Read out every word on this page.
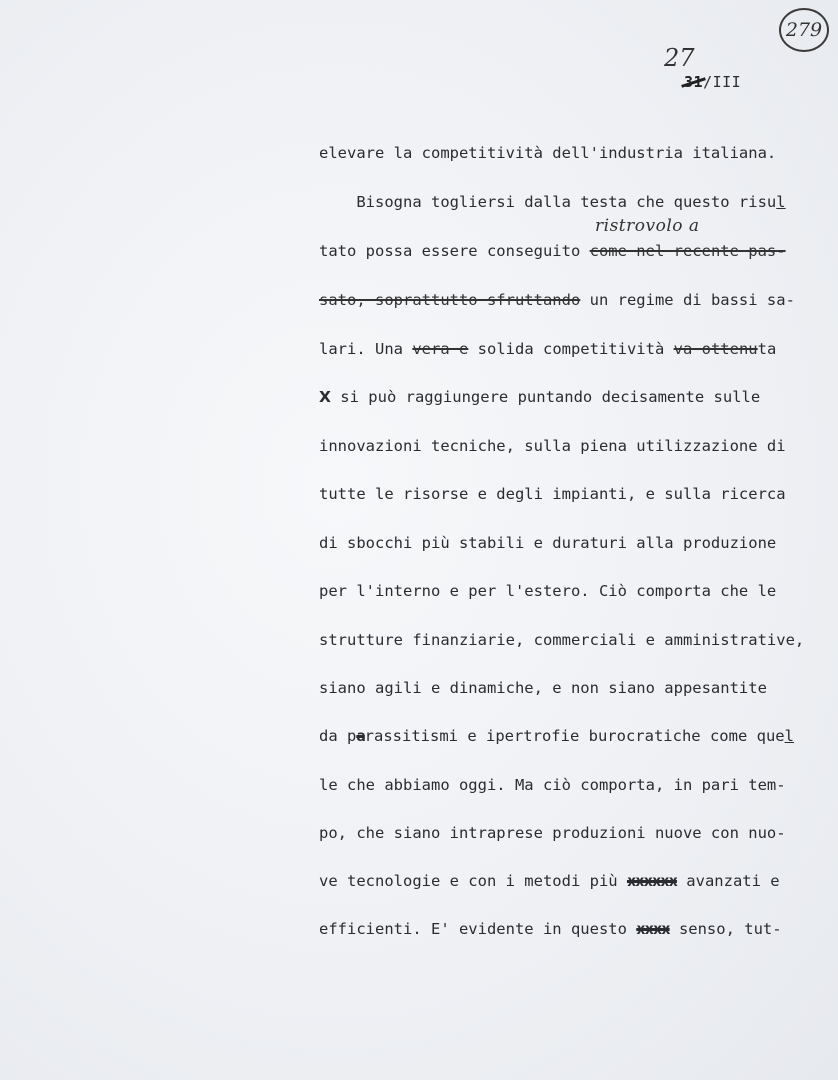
279
27
31/III
ristrovolo a
elevare la competitività dell'industria italiana.
Bisogna togliersi dalla testa che questo risul
tato possa essere conseguito come nel recente pas-
sato, soprattutto sfruttando un regime di bassi sa-
lari. Una vera e solida competitività va ottenuta
X si può raggiungere puntando decisamente sulle
innovazioni tecniche, sulla piena utilizzazione di
tutte le risorse e degli impianti, e sulla ricerca
di sbocchi più stabili e duraturi alla produzione
per l'interno e per l'estero. Ciò comporta che le
strutture finanziarie, commerciali e amministrative,
siano agili e dinamiche, e non siano appesantite
da parassitismi e ipertrofie burocratiche come quel
le che abbiamo oggi. Ma ciò comporta, in pari tem-
po, che siano intraprese produzioni nuove con nuo-
ve tecnologie e con i metodi più xxxxxx avanzati e
efficienti. E' evidente in questo xxxx senso, tut-
